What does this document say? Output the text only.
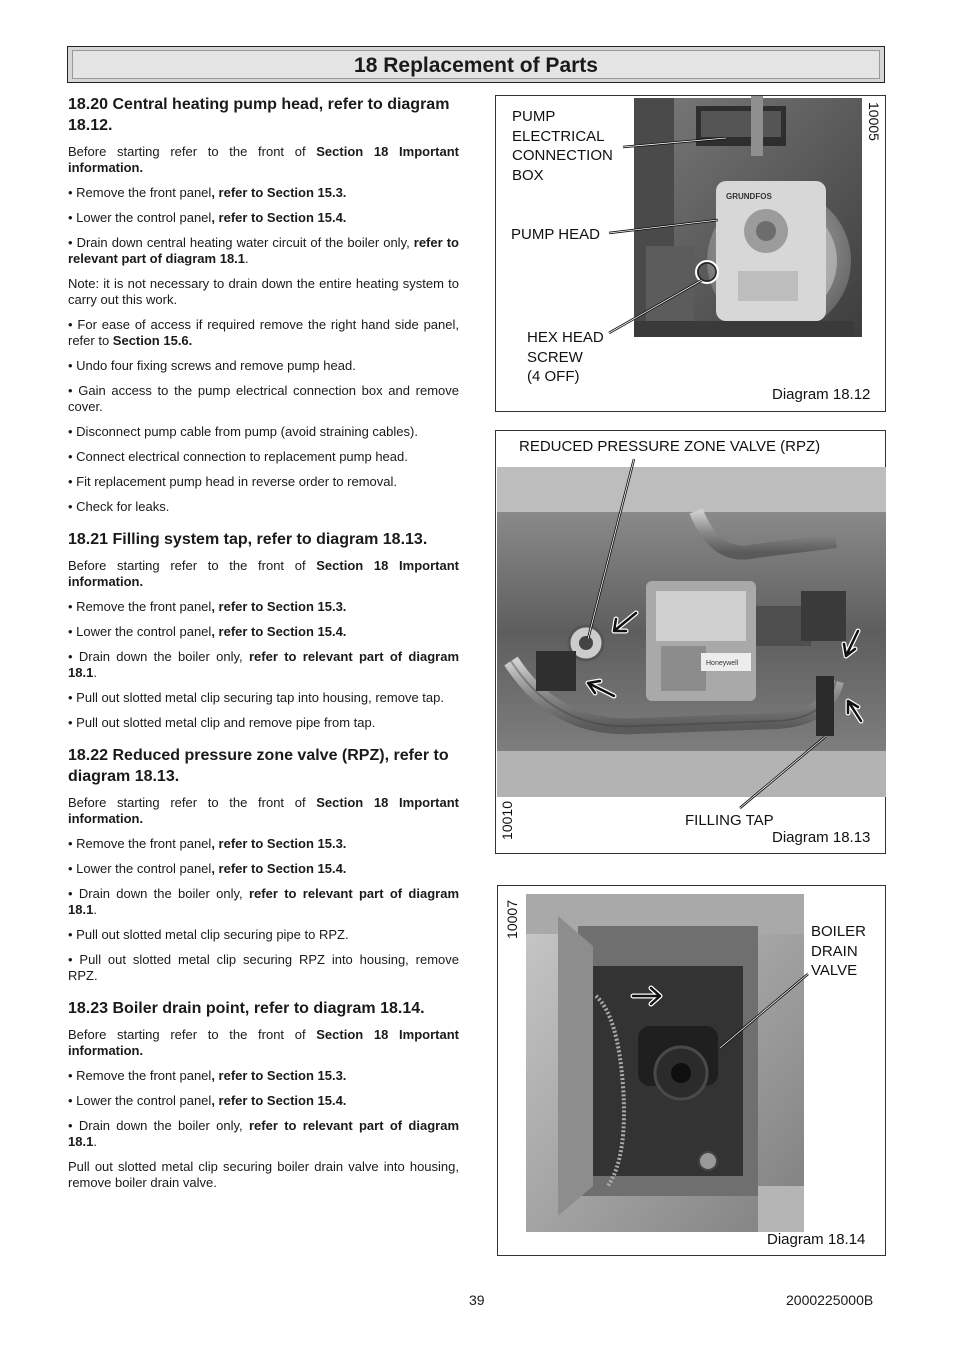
18 Replacement of Parts
18.20 Central heating pump head, refer to diagram 18.12.

Before starting refer to the front of Section 18 Important information.

• Remove the front panel, refer to Section 15.3.

• Lower the control panel, refer to Section 15.4.

• Drain down central heating water circuit of the boiler only, refer to relevant part of diagram 18.1.

Note: it is not necessary to drain down the entire heating system to carry out this work.

• For ease of access if required remove the right hand side panel, refer to Section 15.6.

• Undo four fixing screws and remove pump head.

• Gain access to the pump electrical connection box and remove cover.

• Disconnect pump cable from pump (avoid straining cables).

• Connect electrical connection to replacement pump head.

• Fit replacement pump head in reverse order to removal.

• Check for leaks.

18.21 Filling system tap, refer to diagram 18.13.

Before starting refer to the front of Section 18 Important information.

• Remove the front panel, refer to Section 15.3.

• Lower the control panel, refer to Section 15.4.

• Drain down the boiler only, refer to relevant part of diagram 18.1.

• Pull out slotted metal clip securing tap into housing, remove tap.

• Pull out slotted metal clip and remove pipe from tap.

18.22 Reduced pressure zone valve (RPZ), refer to diagram 18.13.

Before starting refer to the front of Section 18 Important information.

• Remove the front panel, refer to Section 15.3.

• Lower the control panel, refer to Section 15.4.

• Drain down the boiler only, refer to relevant part of diagram 18.1.

• Pull out slotted metal clip securing pipe to RPZ.

• Pull out slotted metal clip securing RPZ into housing, remove RPZ.

18.23 Boiler drain point, refer to diagram 18.14.

Before starting refer to the front of Section 18 Important information.

• Remove the front panel, refer to Section 15.3.

• Lower the control panel, refer to Section 15.4.

• Drain down the boiler only, refer to relevant part of diagram 18.1.

Pull out slotted metal clip securing boiler drain valve into housing, remove boiler drain valve.

GRUNDFOS
PUMP
ELECTRICAL
CONNECTION
BOX
PUMP HEAD
HEX HEAD
SCREW
(4 OFF)
10005
Diagram 18.12
Honeywell
REDUCED PRESSURE ZONE VALVE (RPZ)
FILLING TAP
10010	Diagram 18.13
BOILER
DRAIN
VALVE
10007
Diagram 18.14
39	2000225000B
